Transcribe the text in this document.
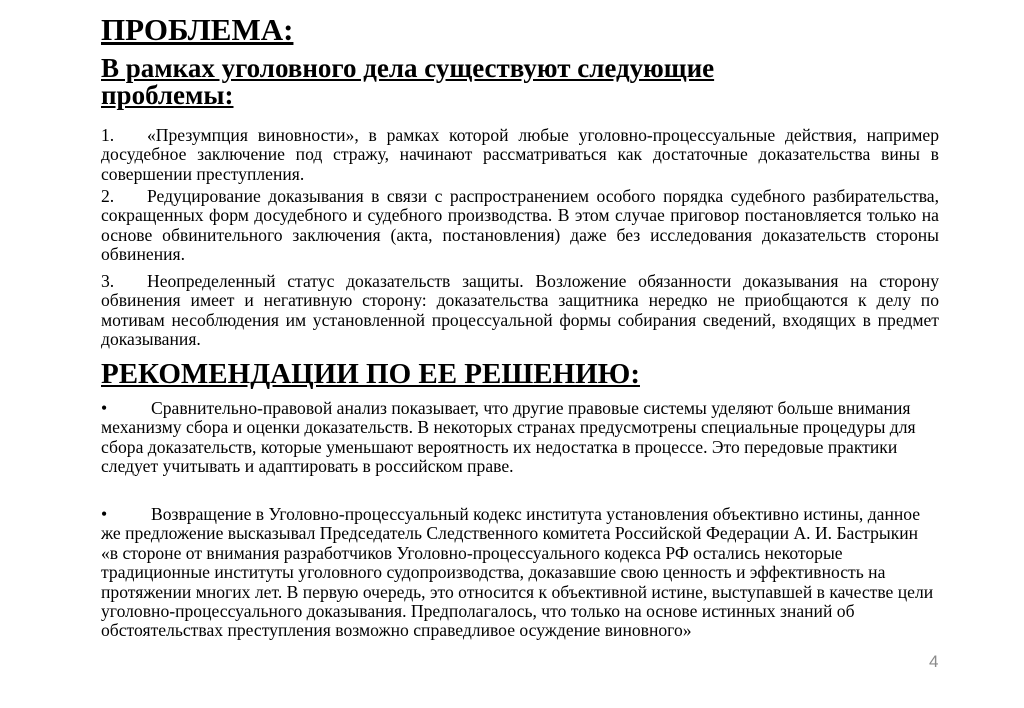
ПРОБЛЕМА:
В рамках уголовного дела существуют следующие проблемы:
1. «Презумпция виновности», в рамках которой любые уголовно-процессуальные действия, например досудебное заключение под стражу, начинают рассматриваться как достаточные доказательства вины в совершении преступления.
2. Редуцирование доказывания в связи с распространением особого порядка судебного разбирательства, сокращенных форм досудебного и судебного производства. В этом случае приговор постановляется только на основе обвинительного заключения (акта, постановления) даже без исследования доказательств стороны обвинения.
3. Неопределенный статус доказательств защиты. Возложение обязанности доказывания на сторону обвинения имеет и негативную сторону: доказательства защитника нередко не приобщаются к делу по мотивам несоблюдения им установленной процессуальной формы собирания сведений, входящих в предмет доказывания.
РЕКОМЕНДАЦИИ ПО ЕЕ РЕШЕНИЮ:
• Сравнительно-правовой анализ показывает, что другие правовые системы уделяют больше внимания механизму сбора и оценки доказательств. В некоторых странах предусмотрены специальные процедуры для сбора доказательств, которые уменьшают вероятность их недостатка в процессе. Это передовые практики следует учитывать и адаптировать в российском праве.
• Возвращение в Уголовно-процессуальный кодекс института установления объективно истины, данное же предложение высказывал Председатель Следственного комитета Российской Федерации А. И. Бастрыкин «в стороне от внимания разработчиков Уголовно-процессуального кодекса РФ остались некоторые традиционные институты уголовного судопроизводства, доказавшие свою ценность и эффективность на протяжении многих лет. В первую очередь, это относится к объективной истине, выступавшей в качестве цели уголовно-процессуального доказывания. Предполагалось, что только на основе истинных знаний об обстоятельствах преступления возможно справедливое осуждение виновного»
4
